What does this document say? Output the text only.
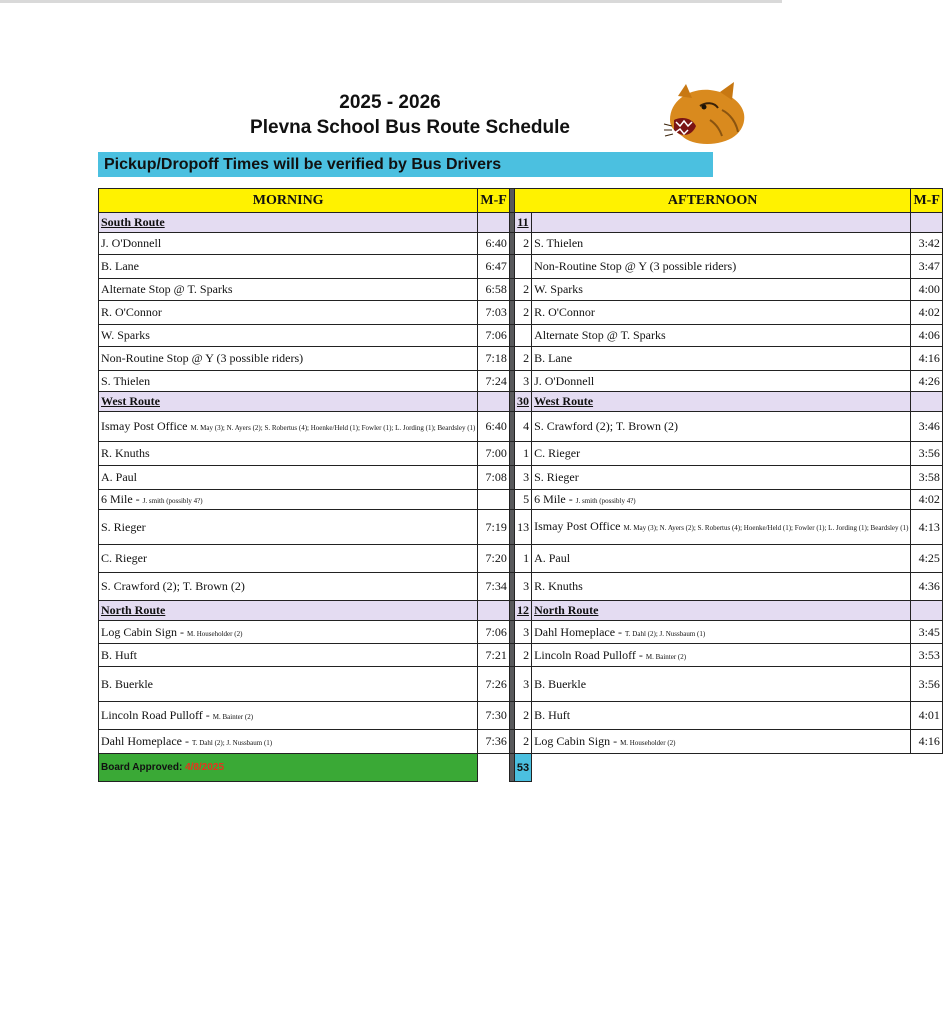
2025 - 2026
Plevna School Bus Route Schedule
Pickup/Dropoff Times will be verified by Bus Drivers
MORNING	M-F		AFTERNOON		M-F
South Route			11		
J. O'Donnell	6:40		2	S. Thielen	3:42
B. Lane	6:47			Non-Routine Stop @ Y (3 possible riders)	3:47
Alternate Stop @ T. Sparks	6:58		2	W. Sparks	4:00
R. O'Connor	7:03		2	R. O'Connor	4:02
W. Sparks	7:06			Alternate Stop @ T. Sparks	4:06
Non-Routine Stop @ Y (3 possible riders)	7:18		2	B. Lane	4:16
S. Thielen	7:24		3	J. O'Donnell	4:26
West Route			30	West Route	
Ismay Post Office M. May (3); N. Ayers (2); S. Robertus (4); Hoenke/Held (1); Fowler (1); L. Jording (1); Beardsley (1)	6:40		4	S. Crawford (2); T. Brown (2)	3:46
R. Knuths	7:00		1	C. Rieger	3:56
A. Paul	7:08		3	S. Rieger	3:58
6 Mile - J. smith (possibly 4?)			5	6 Mile - J. smith (possibly 4?)	4:02
S. Rieger	7:19		13	Ismay Post Office M. May (3); N. Ayers (2); S. Robertus (4); Hoenke/Held (1); Fowler (1); L. Jording (1); Beardsley (1)	4:13
C. Rieger	7:20		1	A. Paul	4:25
S. Crawford (2); T. Brown (2)	7:34		3	R. Knuths	4:36
North Route			12	North Route	
Log Cabin Sign - M. Householder (2)	7:06		3	Dahl Homeplace - T. Dahl (2); J. Nussbaum (1)	3:45
B. Huft	7:21		2	Lincoln Road Pulloff - M. Bainter (2)	3:53
B. Buerkle	7:26		3	B. Buerkle	3:56
Lincoln Road Pulloff - M. Bainter (2)	7:30		2	B. Huft	4:01
Dahl Homeplace - T. Dahl (2); J. Nussbaum (1)	7:36		2	Log Cabin Sign - M. Householder (2)	4:16
Board Approved: 4/8/2025			53		
